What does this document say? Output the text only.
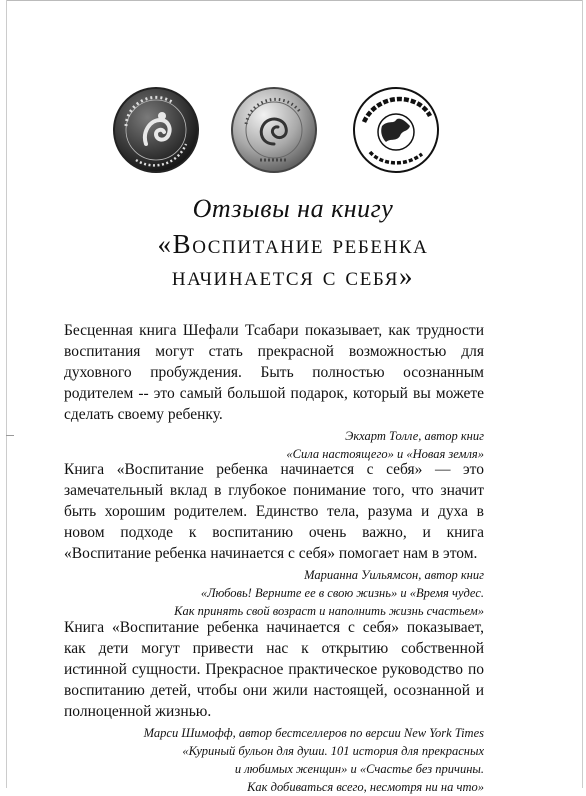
Отзывы на книгу
«Воспитание ребенка
начинается с себя»

Бесценная книга Шефали Тсабари показывает, как трудности воспитания могут стать прекрасной возможностью для духовного пробуждения. Быть полностью осознанным родителем -- это самый большой подарок, который вы можете сделать своему ребенку.

Экхарт Толле, автор книг
«Сила настоящего» и «Новая земля»

Книга «Воспитание ребенка начинается с себя» — это замечательный вклад в глубокое понимание того, что значит быть хорошим родителем. Единство тела, разума и духа в новом подходе к воспитанию очень важно, и книга «Воспитание ребенка начинается с себя» помогает нам в этом.

Марианна Уильямсон, автор книг
«Любовь! Верните ее в свою жизнь» и «Время чудес.
Как принять свой возраст и наполнить жизнь счастьем»

Книга «Воспитание ребенка начинается с себя» показывает, как дети могут привести нас к открытию собственной истинной сущности. Прекрасное практическое руководство по воспитанию детей, чтобы они жили настоящей, осознанной и полноценной жизнью.

Марси Шимофф, автор бестселлеров по версии New York Times
«Куриный бульон для души. 101 история для прекрасных
и любимых женщин» и «Счастье без причины.
Как добиваться всего, несмотря ни на что»
